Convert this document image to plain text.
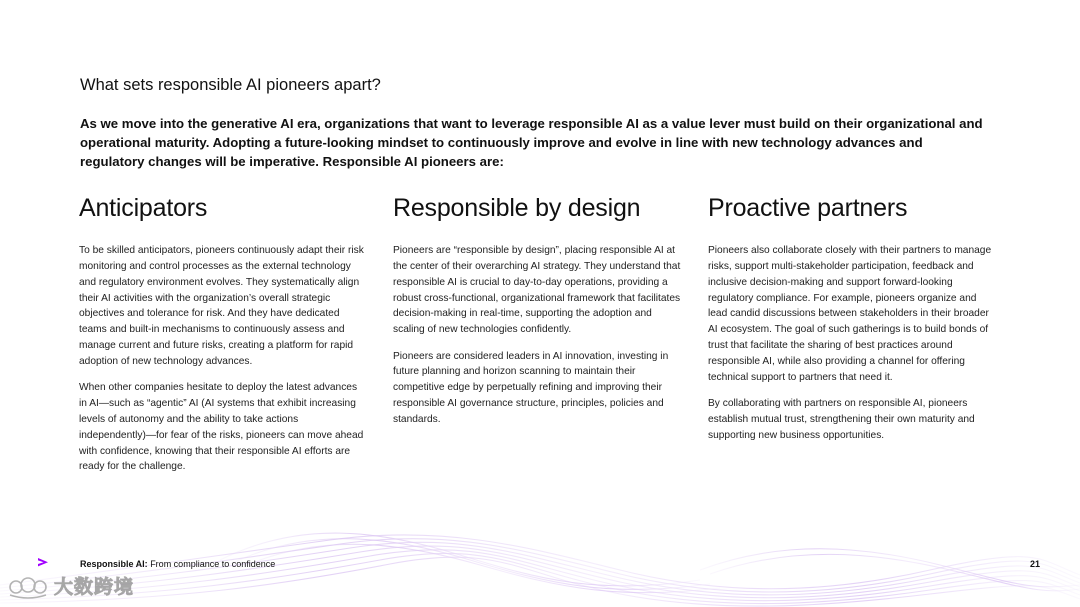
What sets responsible AI pioneers apart?
As we move into the generative AI era, organizations that want to leverage responsible AI as a value lever must build on their organizational and operational maturity. Adopting a future-looking mindset to continuously improve and evolve in line with new technology advances and regulatory changes will be imperative. Responsible AI pioneers are:
Anticipators

To be skilled anticipators, pioneers continuously adapt their risk monitoring and control processes as the external technology and regulatory environment evolves. They systematically align their AI activities with the organization’s overall strategic objectives and tolerance for risk. And they have dedicated teams and built-in mechanisms to continuously assess and manage current and future risks, creating a platform for rapid adoption of new technology advances.

When other companies hesitate to deploy the latest advances in AI—such as “agentic” AI (AI systems that exhibit increasing levels of autonomy and the ability to take actions independently)—for fear of the risks, pioneers can move ahead with confidence, knowing that their responsible AI efforts are ready for the challenge.

Responsible by design

Pioneers are “responsible by design”, placing responsible AI at the center of their overarching AI strategy. They understand that responsible AI is crucial to day-to-day operations, providing a robust cross-functional, organizational framework that facilitates decision-making in real-time, supporting the adoption and scaling of new technologies confidently.

Pioneers are considered leaders in AI innovation, investing in future planning and horizon scanning to maintain their competitive edge by perpetually refining and improving their responsible AI governance structure, principles, policies and standards.

Proactive partners

Pioneers also collaborate closely with their partners to manage risks, support multi-stakeholder participation, feedback and inclusive decision-making and support forward-looking regulatory compliance. For example, pioneers organize and lead candid discussions between stakeholders in their broader AI ecosystem. The goal of such gatherings is to build bonds of trust that facilitate the sharing of best practices around responsible AI, while also providing a channel for offering technical support to partners that need it.

By collaborating with partners on responsible AI, pioneers establish mutual trust, strengthening their own maturity and supporting new business opportunities.

Responsible AI: From compliance to confidence	21
大数跨境
